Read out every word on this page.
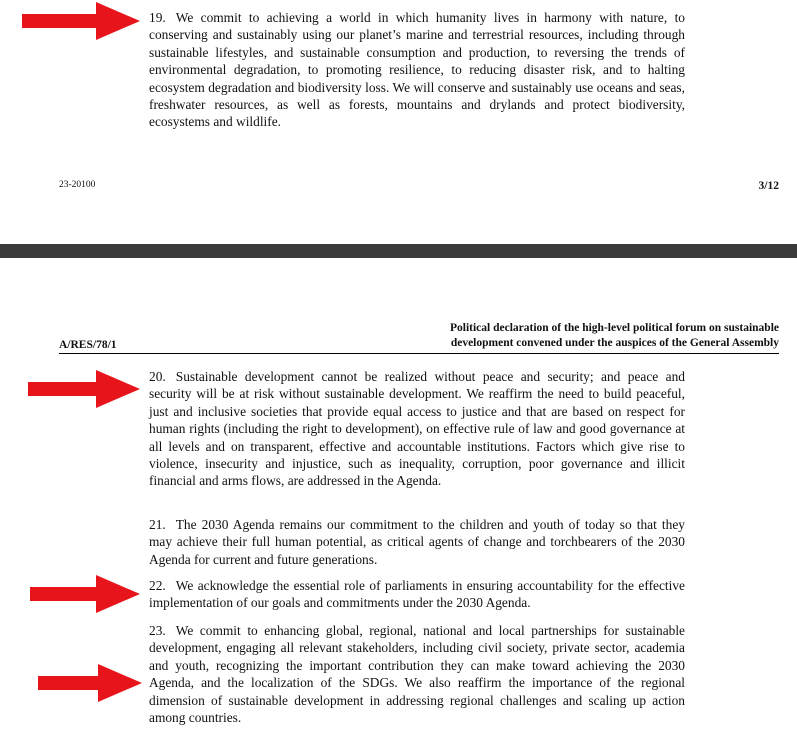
19. We commit to achieving a world in which humanity lives in harmony with nature, to conserving and sustainably using our planet’s marine and terrestrial resources, including through sustainable lifestyles, and sustainable consumption and production, to reversing the trends of environmental degradation, to promoting resilience, to reducing disaster risk, and to halting ecosystem degradation and biodiversity loss. We will conserve and sustainably use oceans and seas, freshwater resources, as well as forests, mountains and drylands and protect biodiversity, ecosystems and wildlife.

23-20100	3/12
A/RES/78/1
Political declaration of the high-level political forum on sustainable
development convened under the auspices of the General Assembly

20. Sustainable development cannot be realized without peace and security; and peace and security will be at risk without sustainable development. We reaffirm the need to build peaceful, just and inclusive societies that provide equal access to justice and that are based on respect for human rights (including the right to development), on effective rule of law and good governance at all levels and on transparent, effective and accountable institutions. Factors which give rise to violence, insecurity and injustice, such as inequality, corruption, poor governance and illicit financial and arms flows, are addressed in the Agenda.

21. The 2030 Agenda remains our commitment to the children and youth of today so that they may achieve their full human potential, as critical agents of change and torchbearers of the 2030 Agenda for current and future generations.

22. We acknowledge the essential role of parliaments in ensuring accountability for the effective implementation of our goals and commitments under the 2030 Agenda.

23. We commit to enhancing global, regional, national and local partnerships for sustainable development, engaging all relevant stakeholders, including civil society, private sector, academia and youth, recognizing the important contribution they can make toward achieving the 2030 Agenda, and the localization of the SDGs. We also reaffirm the importance of the regional dimension of sustainable development in addressing regional challenges and scaling up action among countries.
